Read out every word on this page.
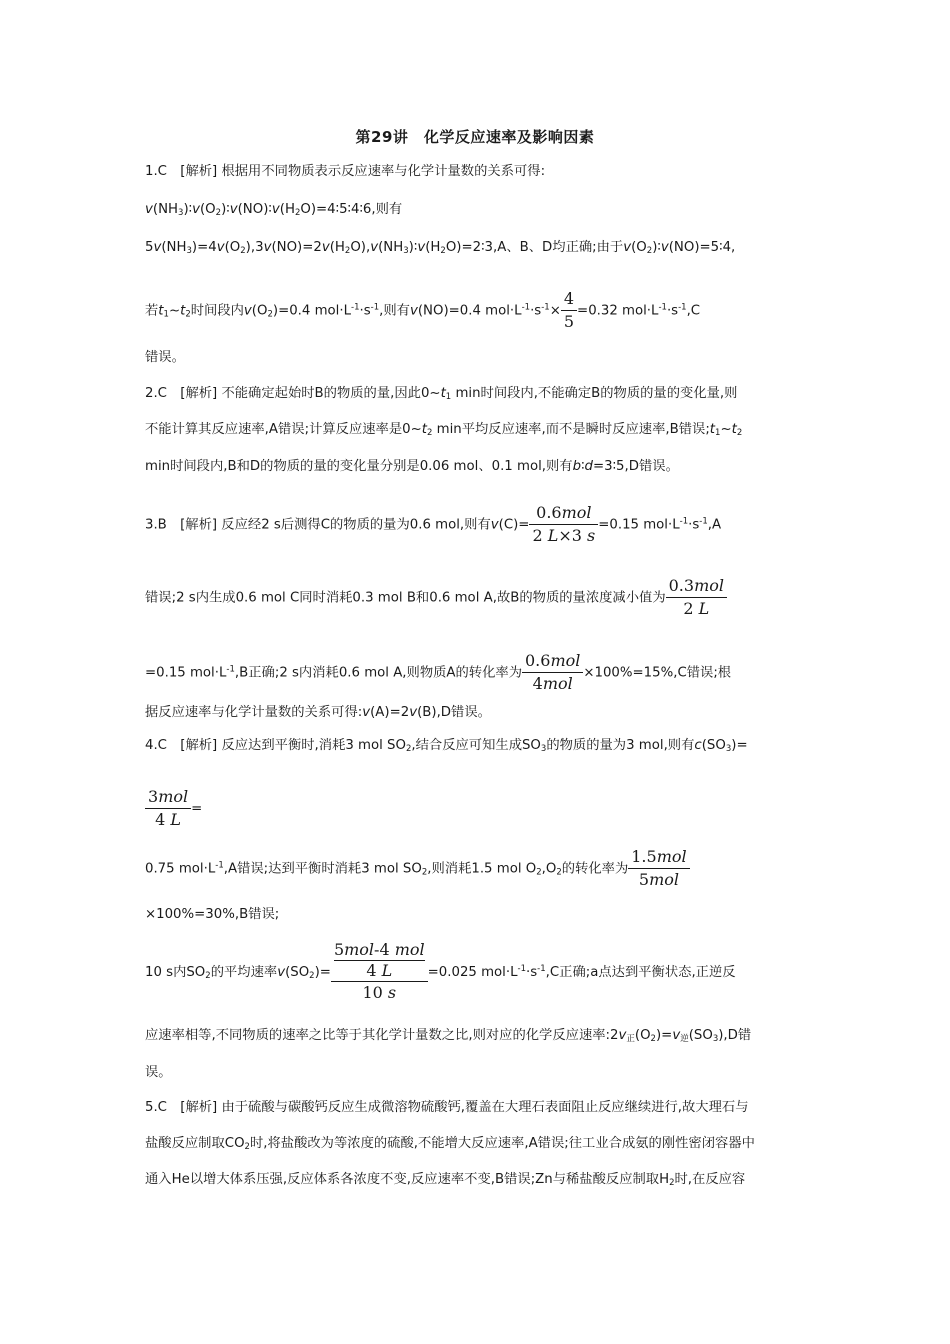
第29讲　化学反应速率及影响因素
1.C　[解析] 根据用不同物质表示反应速率与化学计量数的关系可得:
$v(NH_3)∶v(O_2)∶v(NO)∶v(H_2O)=4∶5∶4∶6$,则有
$5v(NH_3)=4v(O_2),3v(NO)=2v(H_2O),v(NH_3)∶v(H_2O)=2∶3,A$、B、D均正确;由于$v(O_2)∶v(NO)=5∶4$,
若$t_1\sim t_2$时间段内$v(O_2)=0.4$ $mol\cdot L^{-1}\cdot s^{-1}$,则有v(NO)=0.4 $mol\cdot L^{-1}\cdot s^{-1}\times \frac{4}{5} =0.32$ $mol\cdot L^{-1}\cdot s^{-1},C$
错误。
2.C　[解析] 不能确定起始时B的物质的量,因此$0\sim t_1$ min时间段内,不能确定B的物质的量的变化量,则
不能计算其反应速率,A错误;计算反应速率是$0\sim t_2$ min平均反应速率,而不是瞬时反应速率,B错误$;t_1\sim t_2$
min时间段内,B和D的物质的量的变化量分别是0.06 mol、0.1 mol,则有b∶d=3∶5,D错误。
3.B　[解析] 反应经2 s后测得C的物质的量为0.6 mol,则有$v(C)= \frac{\text{0.6mol}}{2 L\times 3 s} =0.15$ $mol\cdot L^{-1}\cdot s^{-1},A$
错误;2 s内生成0.6 mol C同时消耗0.3 mol B和0.6 mol A,故B的物质的量浓度减小值为 $\frac{\text{0.3mol}}{2 L}$
=0.15 $mol\cdot L^{-1},B$正确;2 s内消耗0.6 mol A,则物质A的转化率为 $\frac{\text{0.6mol}}{\text{4mol}} \times 100\%=15\%,C$错误;根
据反应速率与化学计量数的关系可得:v(A)=2v(B),D错误。
4.C　[解析] 反应达到平衡时,消耗3 mol $SO_2$,结合反应可知生成$SO_3$的物质的量为3 mol,则有$c(SO_3)=$
$\frac{\text{3mol}}{4 L}$ =
0.75 $mol\cdot L^{-1},A$错误;达到平衡时消耗3 mol $SO_2$,则消耗1.5 mol $O_2,O_2$的转化率为 $\frac{\text{1.5mol}}{\text{5mol}}$
×100%=30%,B错误;
10 s内$SO_2$的平均速率$v(SO_2)= 5mol-4$ mol
4 L
10 s =0.025 $mol\cdot L^{-1}\cdot s^{-1},C$正确;a点达到平衡状态,正逆反
应速率相等,不同物质的速率之比等于其化学计量数之比,则对应的化学反应速率$:2v_正(O_2)=v_逆(SO_3),D$错
误。
5.C　[解析] 由于硫酸与碳酸钙反应生成微溶物硫酸钙,覆盖在大理石表面阻止反应继续进行,故大理石与
盐酸反应制取$CO_2$时,将盐酸改为等浓度的硫酸,不能增大反应速率,A错误;往工业合成氨的刚性密闭容器中
通入He以增大体系压强,反应体系各浓度不变,反应速率不变,B错误;Zn与稀盐酸反应制取$H_2$时,在反应容
